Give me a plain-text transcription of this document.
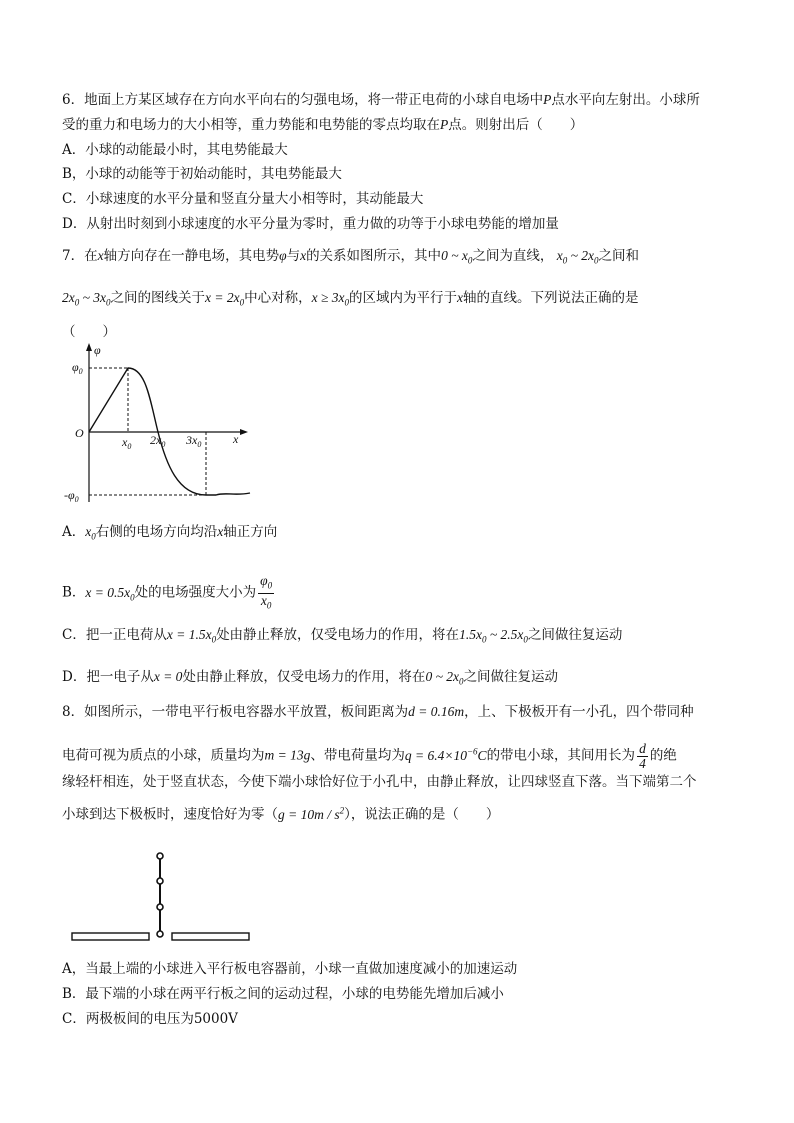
6．地面上方某区域存在方向水平向右的匀强电场，将一带正电荷的小球自电场中P点水平向左射出。小球所
受的重力和电场力的大小相等，重力势能和电势能的零点均取在P点。则射出后（　　）
A．小球的动能最小时，其电势能最大
B，小球的动能等于初始动能时，其电势能最大
C．小球速度的水平分量和竖直分量大小相等时，其动能最大
D．从射出时刻到小球速度的水平分量为零时，重力做的功等于小球电势能的增加量
7．在x轴方向存在一静电场，其电势φ与x的关系如图所示，其中0 ~ $x_0$之间为直线， $x_0$ ~ $2x_0$之间和
$2x_0$ ~ $3x_0$之间的图线关于$x = 2x_0$中心对称，$x \ge 3x_0$的区域内为平行于x轴的直线。下列说法正确的是
（　　）
φ
x
O
$\varphi_0$
$-\varphi_0$
$x_0$ $2x_0$ $3x_0$
A．$x_0$右侧的电场方向均沿x轴正方向
B．$x = 0.5x_0$处的电场强度大小为 $\frac{\varphi_0}{x_0}$
C．把一正电荷从$x = 1.5x_0$处由静止释放，仅受电场力的作用，将在$1.5x_0$ ~ $2.5x_0$之间做往复运动
D．把一电子从x = 0处由静止释放，仅受电场力的作用，将在0 ~ $2x_0$之间做往复运动
8．如图所示，一带电平行板电容器水平放置，板间距离为d = 0.16m，上、下极板开有一小孔，四个带同种
电荷可视为质点的小球，质量均为m = 13g、带电荷量均为$q = 6.4\times 10^{-6}C$的带电小球，其间用长为 $\frac{d}{4}$ 的绝
缘轻杆相连，处于竖直状态，今使下端小球恰好位于小孔中，由静止释放，让四球竖直下落。当下端第二个
小球到达下极板时，速度恰好为零$(g = 10m / s^2)$，说法正确的是（　　）
A，当最上端的小球进入平行板电容器前，小球一直做加速度减小的加速运动
B．最下端的小球在两平行板之间的运动过程，小球的电势能先增加后减小
C．两极板间的电压为5000V
